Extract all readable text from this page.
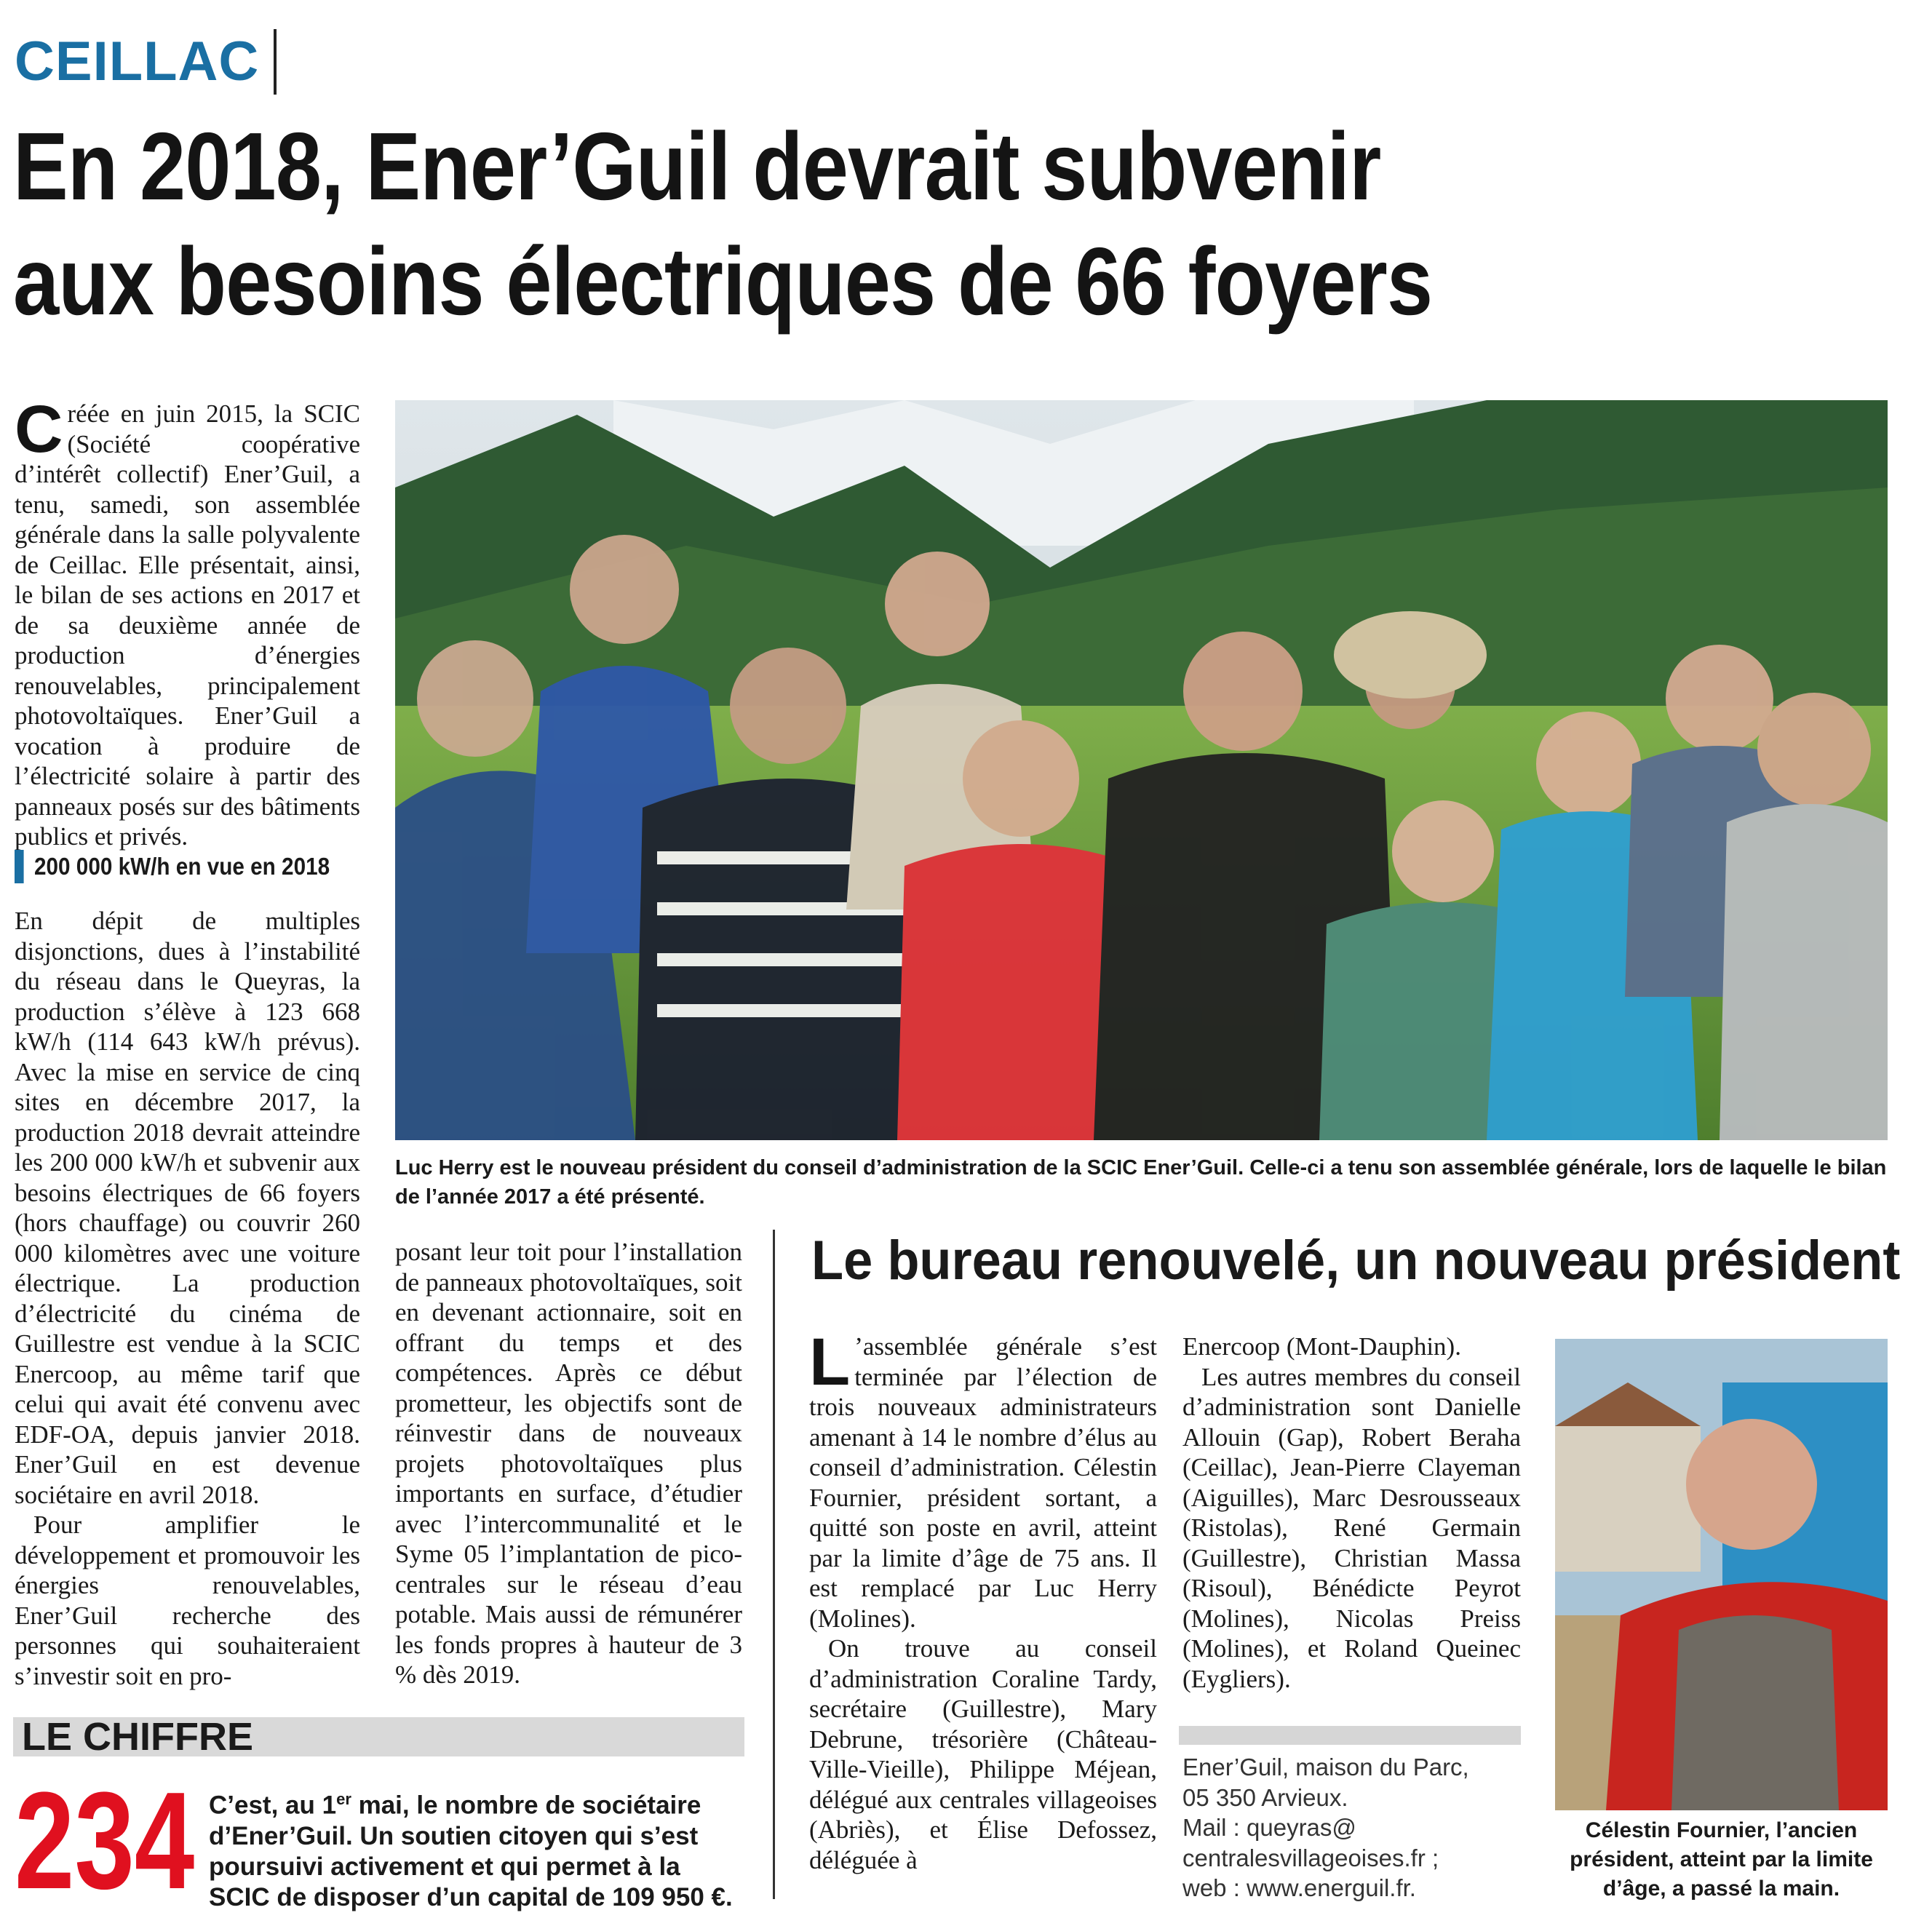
CEILLAC
En 2018, Ener’Guil devrait subvenir
aux besoins électriques de 66 foyers

Créée en juin 2015, la SCIC (Société coopérative d’intérêt collectif) Ener’Guil, a tenu, samedi, son assemblée générale dans la salle polyvalente de Ceillac. Elle présentait, ainsi, le bilan de ses actions en 2017 et de sa deuxième année de production d’énergies renouvelables, principalement photovoltaïques. Ener’Guil a vocation à produire de l’électricité solaire à partir des panneaux posés sur des bâtiments publics et privés.

200 000 kW/h en vue en 2018

En dépit de multiples disjonctions, dues à l’instabilité du réseau dans le Queyras, la production s’élève à 123 668 kW/h (114 643 kW/h prévus). Avec la mise en service de cinq sites en décembre 2017, la production 2018 devrait atteindre les 200 000 kW/h et subvenir aux besoins électriques de 66 foyers (hors chauffage) ou couvrir 260 000 kilomètres avec une voiture électrique. La production d’électricité du cinéma de Guillestre est vendue à la SCIC Enercoop, au même tarif que celui qui avait été convenu avec EDF-OA, depuis janvier 2018. Ener’Guil en est devenue sociétaire en avril 2018.

Pour amplifier le développement et promouvoir les énergies renouvelables, Ener’Guil recherche des personnes qui souhaiteraient s’investir soit en pro-

posant leur toit pour l’installation de panneaux photovoltaïques, soit en devenant actionnaire, soit en offrant du temps et des compétences. Après ce début prometteur, les objectifs sont de réinvestir dans de nouveaux projets photovoltaïques plus importants en surface, d’étudier avec l’intercommunalité et le Syme 05 l’implantation de pico-centrales sur le réseau d’eau potable. Mais aussi de rémunérer les fonds propres à hauteur de 3 % dès 2019.

Luc Herry est le nouveau président du conseil d’administration de la SCIC Ener’Guil. Celle-ci a tenu son assemblée générale, lors de laquelle le bilan de l’année 2017 a été présenté.
Le bureau renouvelé, un nouveau président

L ’assemblée générale s’est terminée par l’élection de trois nouveaux administrateurs amenant à 14 le nombre d’élus au conseil d’administration. Célestin Fournier, président sortant, a quitté son poste en avril, atteint par la limite d’âge de 75 ans. Il est remplacé par Luc Herry (Molines).

On trouve au conseil d’administration Coraline Tardy, secrétaire (Guillestre), Mary Debrune, trésorière (Château-Ville-Vieille), Philippe Méjean, délégué aux centrales villageoises (Abriès), et Élise Defossez, déléguée à

Enercoop (Mont-Dauphin).

Les autres membres du conseil d’administration sont Danielle Allouin (Gap), Robert Beraha (Ceillac), Jean-Pierre Clayeman (Aiguilles), Marc Desrousseaux (Ristolas), René Germain (Guillestre), Christian Massa (Risoul), Bénédicte Peyrot (Molines), Nicolas Preiss (Molines), et Roland Queinec (Eygliers).

Ener’Guil, maison du Parc,

05 350 Arvieux.

Mail : queyras@

centralesvillageoises.fr ;

web : www.energuil.fr.

Célestin Fournier, l’ancien président, atteint par la limite d’âge, a passé la main.
LE CHIFFRE
234 C’est, au 1er mai, le nombre de sociétaire d’Ener’Guil. Un soutien citoyen qui s’est poursuivi activement et qui permet à la SCIC de disposer d’un capital de 109 950 €.
